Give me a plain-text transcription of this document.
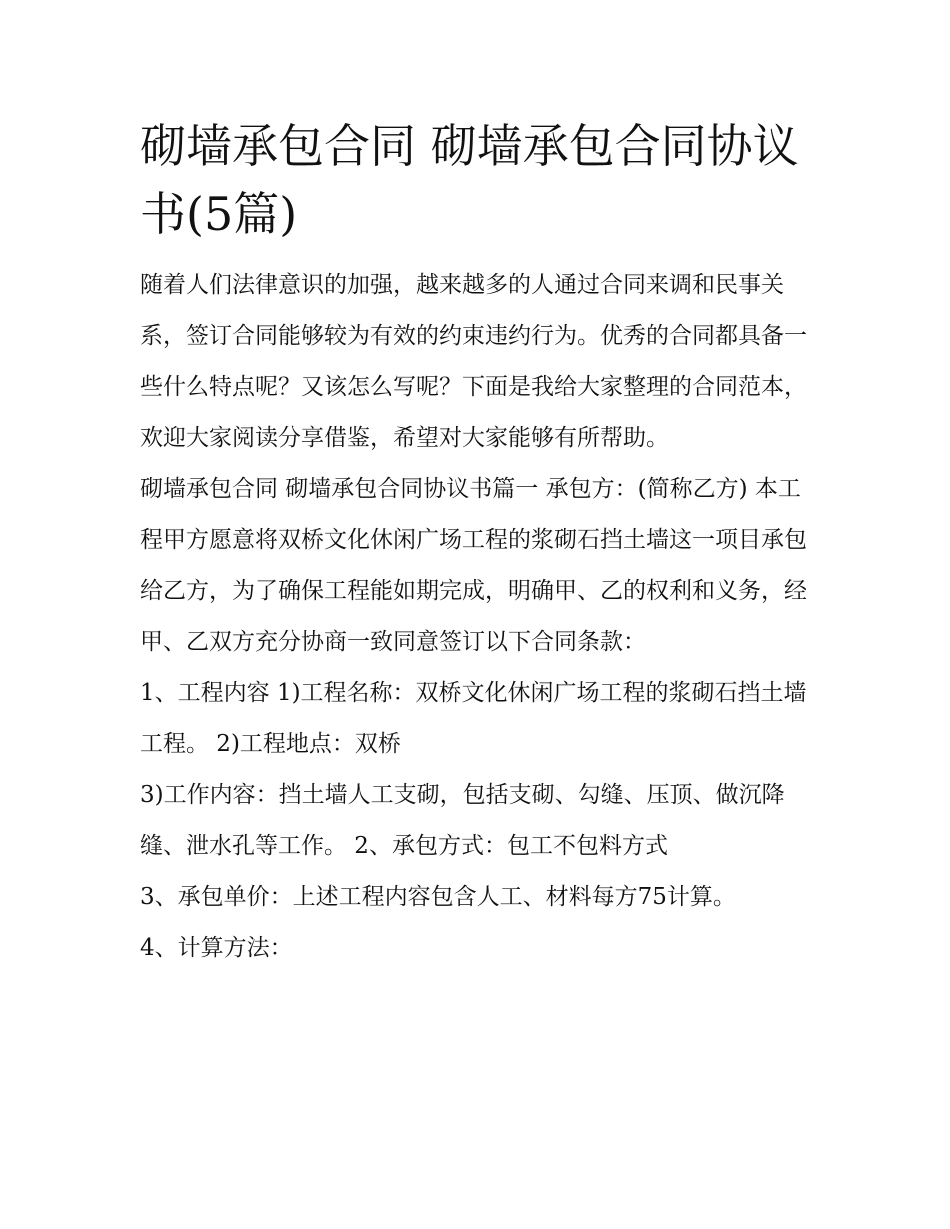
砌墙承包合同 砌墙承包合同协议书(5篇)

随着人们法律意识的加强，越来越多的人通过合同来调和民事关系，签订合同能够较为有效的约束违约行为。优秀的合同都具备一些什么特点呢？又该怎么写呢？下面是我给大家整理的合同范本，欢迎大家阅读分享借鉴，希望对大家能够有所帮助。

砌墙承包合同 砌墙承包合同协议书篇一 承包方：(简称乙方) 本工程甲方愿意将双桥文化休闲广场工程的浆砌石挡土墙这一项目承包给乙方，为了确保工程能如期完成，明确甲、乙的权利和义务，经甲、乙双方充分协商一致同意签订以下合同条款：

1、工程内容 1)工程名称：双桥文化休闲广场工程的浆砌石挡土墙工程。 2)工程地点：双桥

3)工作内容：挡土墙人工支砌，包括支砌、勾缝、压顶、做沉降缝、泄水孔等工作。 2、承包方式：包工不包料方式

3、承包单价：上述工程内容包含人工、材料每方75计算。

4、计算方法：
